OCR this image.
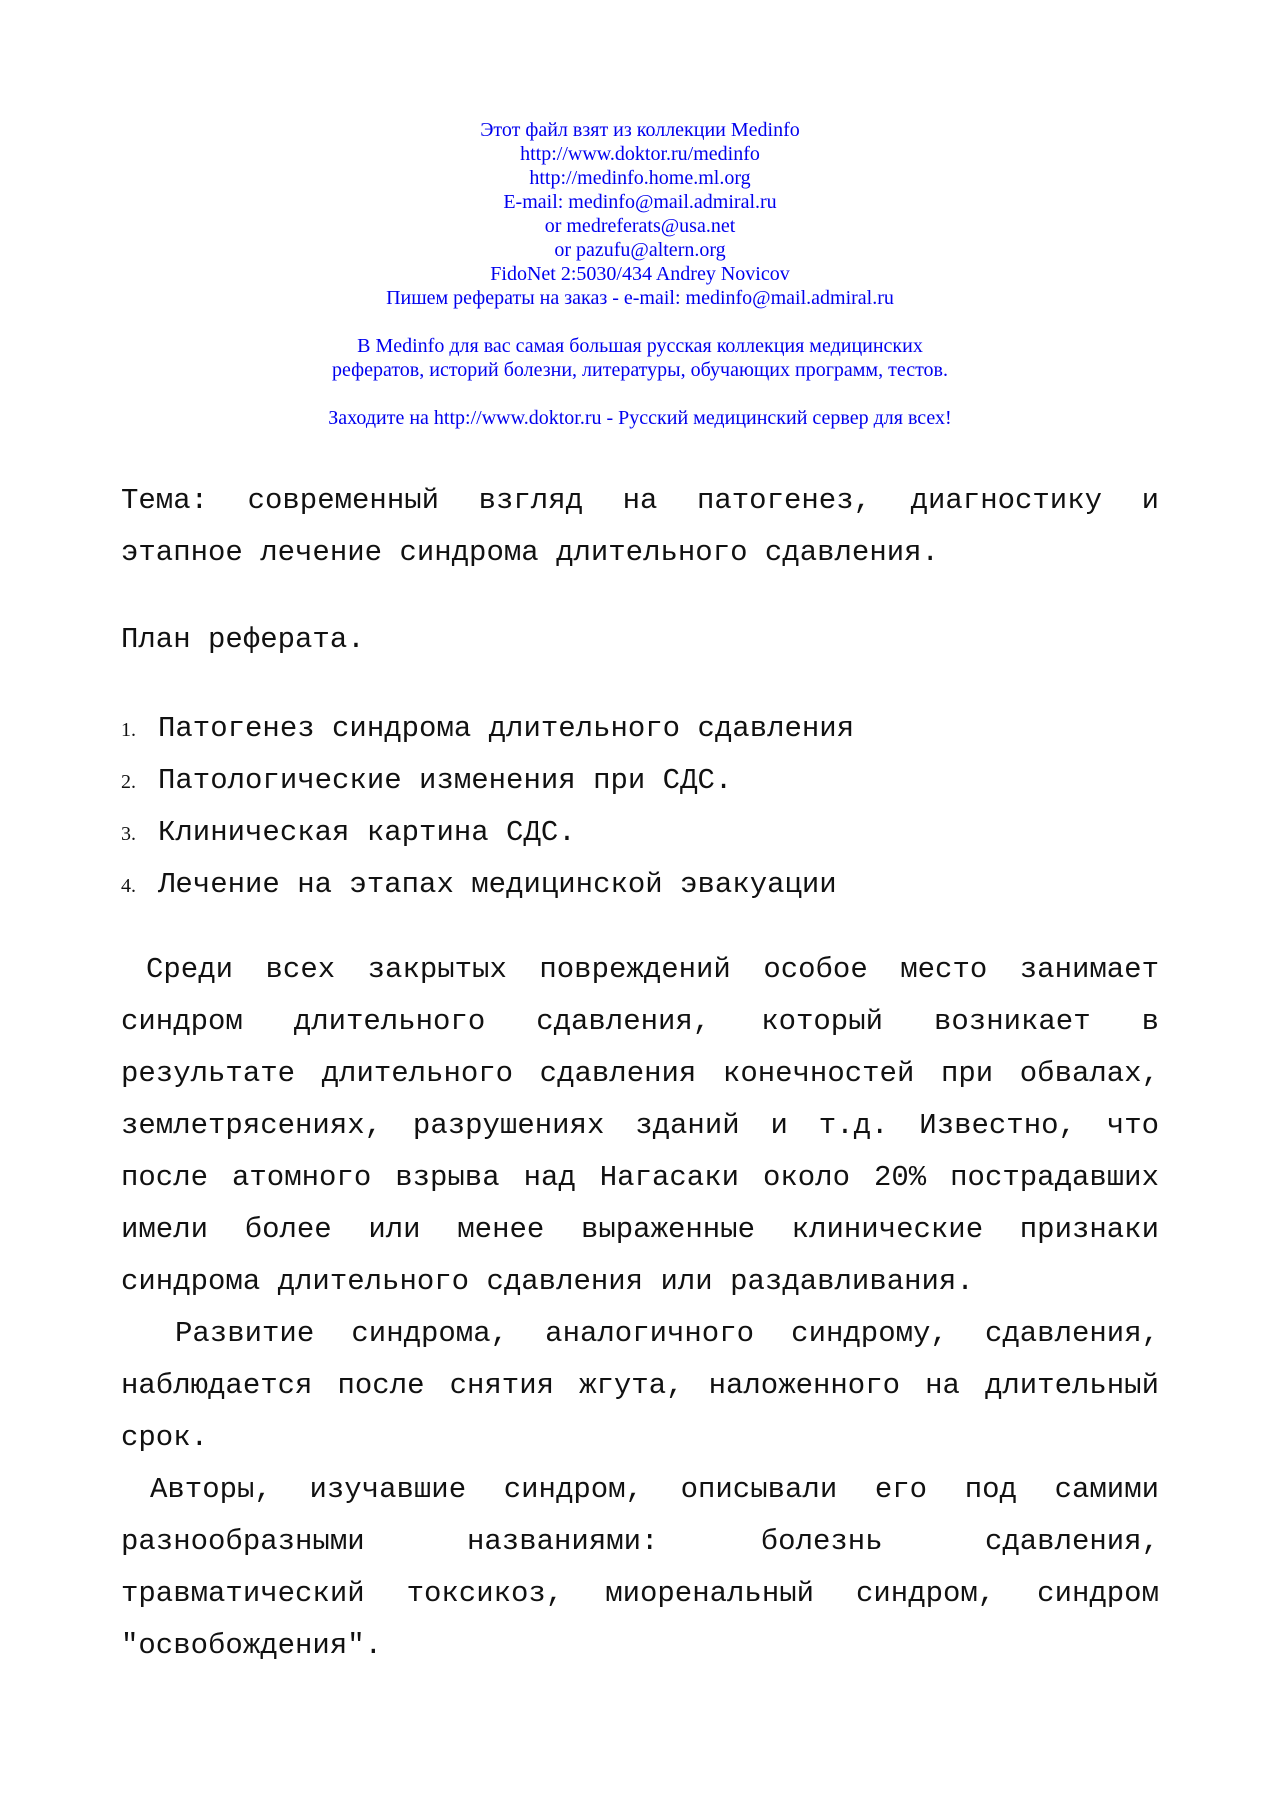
Этот файл взят из коллекции Medinfo
http://www.doktor.ru/medinfo
http://medinfo.home.ml.org
E-mail: medinfo@mail.admiral.ru
or medreferats@usa.net
or pazufu@altern.org
FidoNet 2:5030/434 Andrey Novicov
Пишем рефераты на заказ - e-mail: medinfo@mail.admiral.ru
В Medinfo для вас самая большая русская коллекция медицинских
рефератов, историй болезни, литературы, обучающих программ, тестов.
Заходите на http://www.doktor.ru - Русский медицинский сервер для всех!
Тема: современный взгляд на патогенез, диагностику и этапное лечение синдрома длительного сдавления.
План реферата.
1. Патогенез синдрома длительного сдавления
2. Патологические изменения при СДС.
3. Клиническая картина СДС.
4. Лечение на этапах медицинской эвакуации

Среди всех закрытых повреждений особое место занимает синдром длительного сдавления, который возникает в результате длительного сдавления конечностей при обвалах, землетрясениях, разрушениях зданий и т.д. Известно, что после атомного взрыва над Нагасаки около 20% пострадавших имели более или менее выраженные клинические признаки синдрома длительного сдавления или раздавливания.

Развитие синдрома, аналогичного синдрому, сдавления, наблюдается после снятия жгута, наложенного на длительный срок.

Авторы, изучавшие синдром, описывали его под самими разнообразными названиями: болезнь сдавления, травматический токсикоз, миоренальный синдром, синдром "освобождения".
